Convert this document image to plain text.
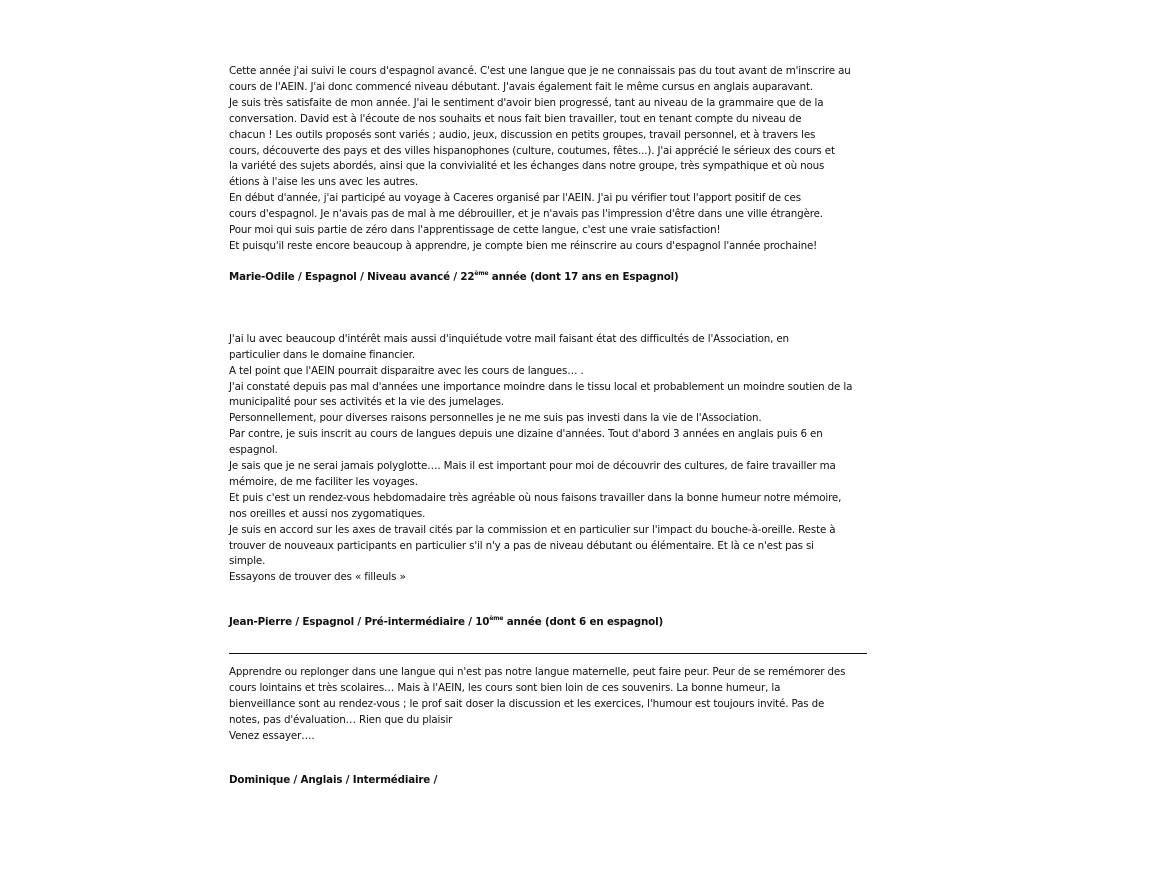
Cette année j'ai suivi le cours d'espagnol avancé. C'est une langue que je ne connaissais pas du tout avant de m'inscrire au
cours de l'AEIN. J'ai donc commencé niveau débutant. J'avais également fait le même cursus en anglais auparavant.
Je suis très satisfaite de mon année. J'ai le sentiment d'avoir bien progressé, tant au niveau de la grammaire que de la
conversation. David est à l'écoute de nos souhaits et nous fait bien travailler, tout en tenant compte du niveau de
chacun ! Les outils proposés sont variés ; audio, jeux, discussion en petits groupes, travail personnel, et à travers les
cours, découverte des pays et des villes hispanophones (culture, coutumes, fêtes...). J'ai apprécié le sérieux des cours et
la variété des sujets abordés, ainsi que la convivialité et les échanges dans notre groupe, très sympathique et où nous
étions à l'aise les uns avec les autres.
En début d'année, j'ai participé au voyage à Caceres organisé par l'AEIN. J'ai pu vérifier tout l'apport positif de ces
cours d'espagnol. Je n'avais pas de mal à me débrouiller, et je n'avais pas l'impression d'être dans une ville étrangère.
Pour moi qui suis partie de zéro dans l'apprentissage de cette langue, c'est une vraie satisfaction!
Et puisqu'il reste encore beaucoup à apprendre, je compte bien me réinscrire au cours d'espagnol l'année prochaine!

Marie-Odile / Espagnol / Niveau avancé / 22ème année (dont 17 ans en Espagnol)

J'ai lu avec beaucoup d'intérêt mais aussi d'inquiétude votre mail faisant état des difficultés de l'Association, en
particulier dans le domaine financier.
A tel point que l'AEIN pourrait disparaitre avec les cours de langues… .
J'ai constaté depuis pas mal d'années une importance moindre dans le tissu local et probablement un moindre soutien de la
municipalité pour ses activités et la vie des jumelages.
Personnellement, pour diverses raisons personnelles je ne me suis pas investi dans la vie de l'Association.
Par contre, je suis inscrit au cours de langues depuis une dizaine d'années. Tout d'abord 3 années en anglais puis 6 en
espagnol.
Je sais que je ne serai jamais polyglotte…. Mais il est important pour moi de découvrir des cultures, de faire travailler ma
mémoire, de me faciliter les voyages.
Et puis c'est un rendez-vous hebdomadaire très agréable où nous faisons travailler dans la bonne humeur notre mémoire,
nos oreilles et aussi nos zygomatiques.
Je suis en accord sur les axes de travail cités par la commission et en particulier sur l'impact du bouche-à-oreille. Reste à
trouver de nouveaux participants en particulier s'il n'y a pas de niveau débutant ou élémentaire. Et là ce n'est pas si
simple.
Essayons de trouver des « filleuls »

Jean-Pierre / Espagnol / Pré-intermédiaire / 10ème année (dont 6 en espagnol)

Apprendre ou replonger dans une langue qui n'est pas notre langue maternelle, peut faire peur. Peur de se remémorer des
cours lointains et très scolaires… Mais à l'AEIN, les cours sont bien loin de ces souvenirs. La bonne humeur, la
bienveillance sont au rendez-vous ; le prof sait doser la discussion et les exercices, l'humour est toujours invité. Pas de
notes, pas d'évaluation… Rien que du plaisir
Venez essayer….

Dominique / Anglais / Intermédiaire /
